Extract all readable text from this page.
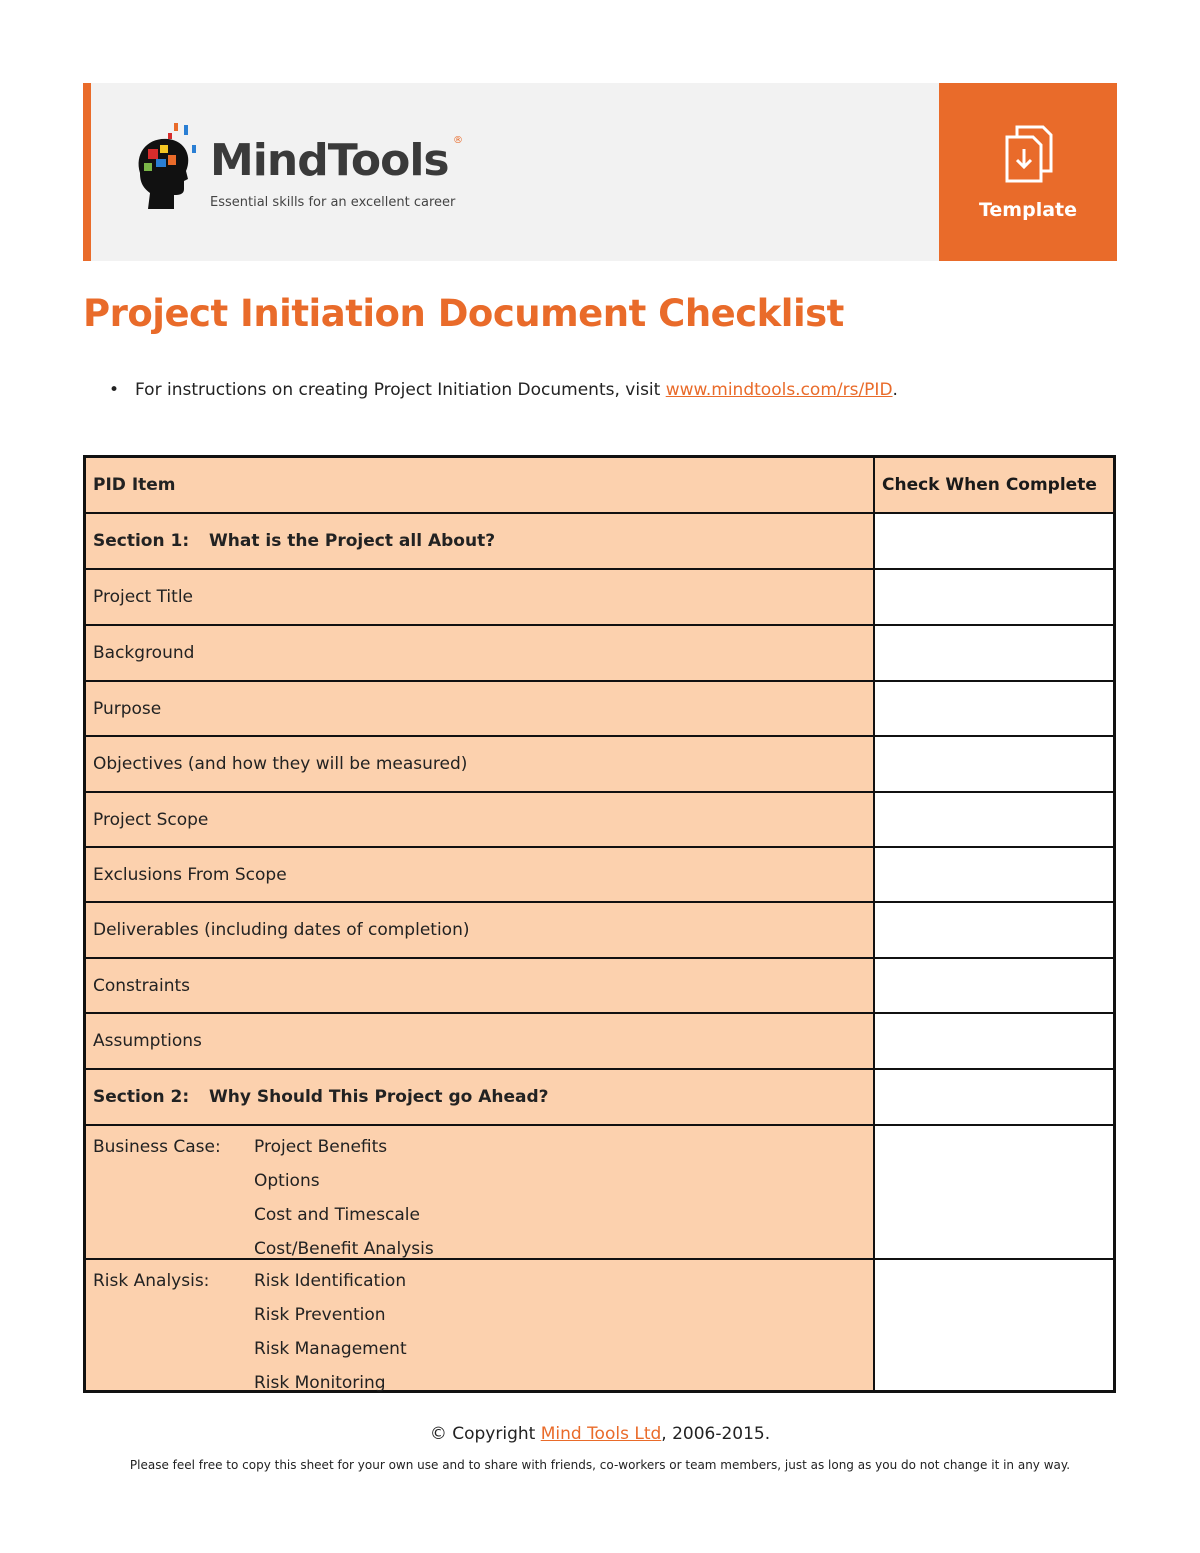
MindTools ®
Essential skills for an excellent career	Template
Project Initiation Document Checklist
• For instructions on creating Project Initiation Documents, visit www.mindtools.com/rs/PID.
PID Item	Check When Complete
Section 1:	What is the Project all About?
Project Title
Background
Purpose
Objectives (and how they will be measured)
Project Scope
Exclusions From Scope
Deliverables (including dates of completion)
Constraints
Assumptions
Section 2:	Why Should This Project go Ahead?
Business Case:	Project Benefits
Options
Cost and Timescale
Cost/Benefit Analysis
Risk Analysis:	Risk Identification
Risk Prevention
Risk Management
Risk Monitoring
© Copyright Mind Tools Ltd, 2006-2015.
Please feel free to copy this sheet for your own use and to share with friends, co-workers or team members, just as long as you do not change it in any way.
